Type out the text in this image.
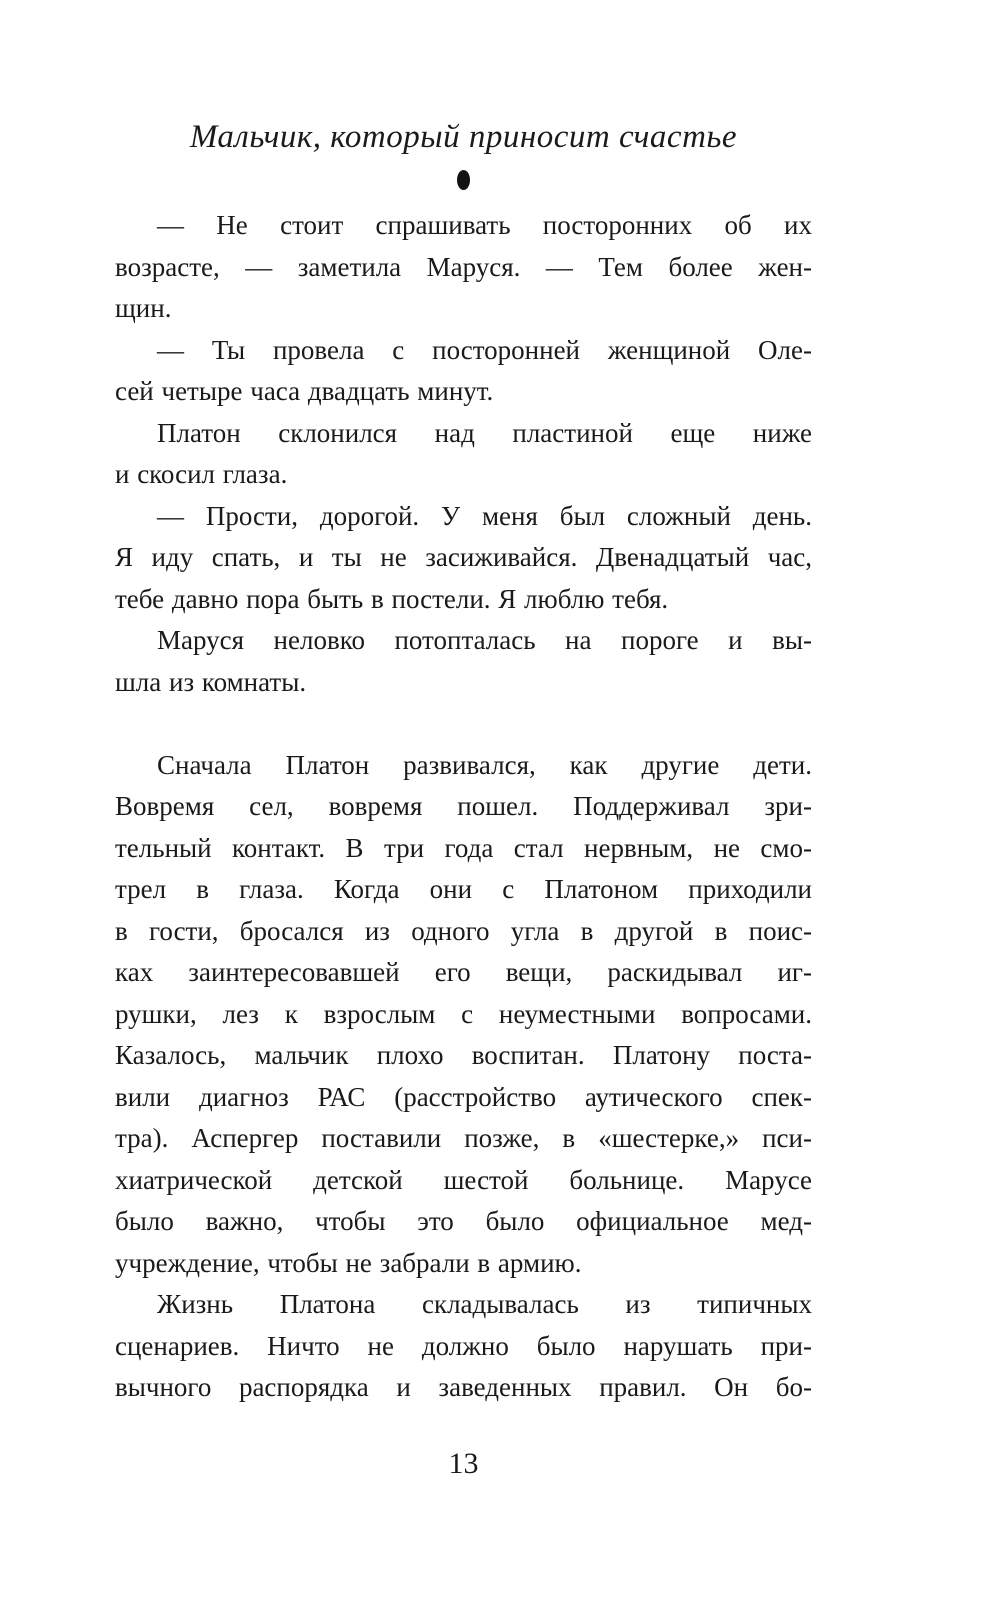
Мальчик, который приносит счастье
— Не стоит спрашивать посторонних об их
возрасте, — заметила Маруся. — Тем более жен-
щин.
— Ты провела с посторонней женщиной Оле-
сей четыре часа двадцать минут.
Платон склонился над пластиной еще ниже
и скосил глаза.
— Прости, дорогой. У меня был сложный день.
Я иду спать, и ты не засиживайся. Двенадцатый час,
тебе давно пора быть в постели. Я люблю тебя.
Маруся неловко потопталась на пороге и вы-
шла из комнаты.
Сначала Платон развивался, как другие дети.
Вовремя сел, вовремя пошел. Поддерживал зри-
тельный контакт. В три года стал нервным, не смо-
трел в глаза. Когда они с Платоном приходили
в гости, бросался из одного угла в другой в поис-
ках заинтересовавшей его вещи, раскидывал иг-
рушки, лез к взрослым с неуместными вопросами.
Казалось, мальчик плохо воспитан. Платону поста-
вили диагноз РАС (расстройство аутического спек-
тра). Аспергер поставили позже, в «шестерке,» пси-
хиатрической детской шестой больнице. Марусе
было важно, чтобы это было официальное мед-
учреждение, чтобы не забрали в армию.
Жизнь Платона складывалась из типичных
сценариев. Ничто не должно было нарушать при-
вычного распорядка и заведенных правил. Он бо-
13
